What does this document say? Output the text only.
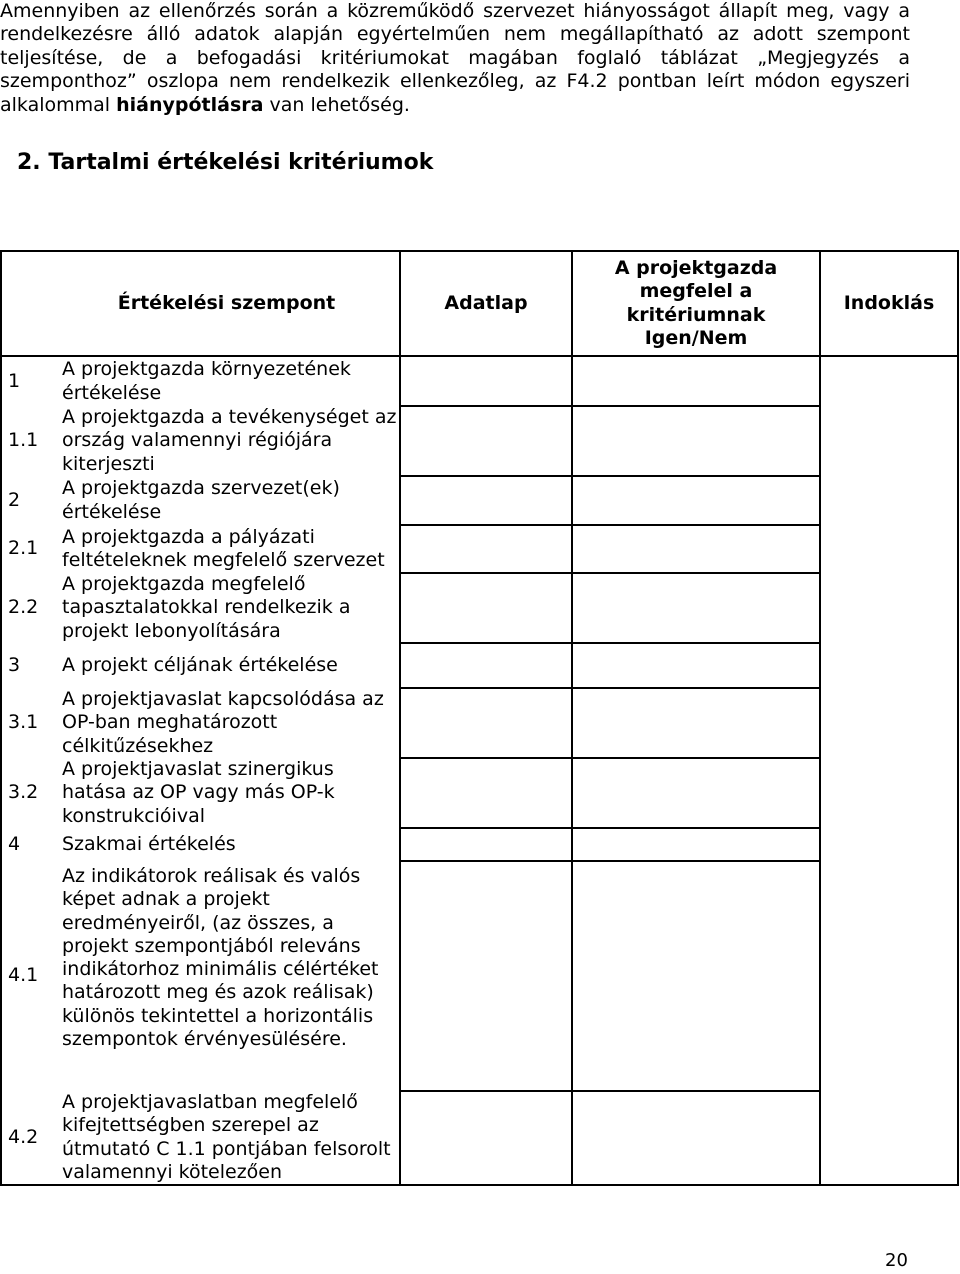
Amennyiben az ellenőrzés során a közreműködő szervezet hiányosságot állapít meg, vagy a rendelkezésre álló adatok alapján egyértelműen nem megállapítható az adott szempont teljesítése, de a befogadási kritériumokat magában foglaló táblázat „Megjegyzés a szemponthoz” oszlopa nem rendelkezik ellenkezőleg, az F4.2 pontban leírt módon egyszeri alkalommal hiánypótlásra van lehetőség.
2. Tartalmi értékelési kritériumok
	Értékelési szempont	Adatlap	A projektgazda megfelel a kritériumnak Igen/Nem	Indoklás
1	A projektgazda környezetének értékelése			
1.1	A projektgazda a tevékenységet az ország valamennyi régiójára kiterjeszti			
2	A projektgazda szervezet(ek) értékelése			
2.1	A projektgazda a pályázati feltételeknek megfelelő szervezet			
2.2	A projektgazda megfelelő tapasztalatokkal rendelkezik a projekt lebonyolítására			
3	A projekt céljának értékelése			
3.1	A projektjavaslat kapcsolódása az OP-ban meghatározott célkitűzésekhez			
3.2	A projektjavaslat szinergikus hatása az OP vagy más OP-k konstrukcióival			
4	Szakmai értékelés			
4.1	Az indikátorok reálisak és valós képet adnak a projekt eredményeiről, (az összes, a projekt szempontjából releváns indikátorhoz minimális célértéket határozott meg és azok reálisak) különös tekintettel a horizontális szempontok érvényesülésére.			
4.2	A projektjavaslatban megfelelő kifejtettségben szerepel az útmutató C 1.1 pontjában felsorolt valamennyi kötelezően			
20
